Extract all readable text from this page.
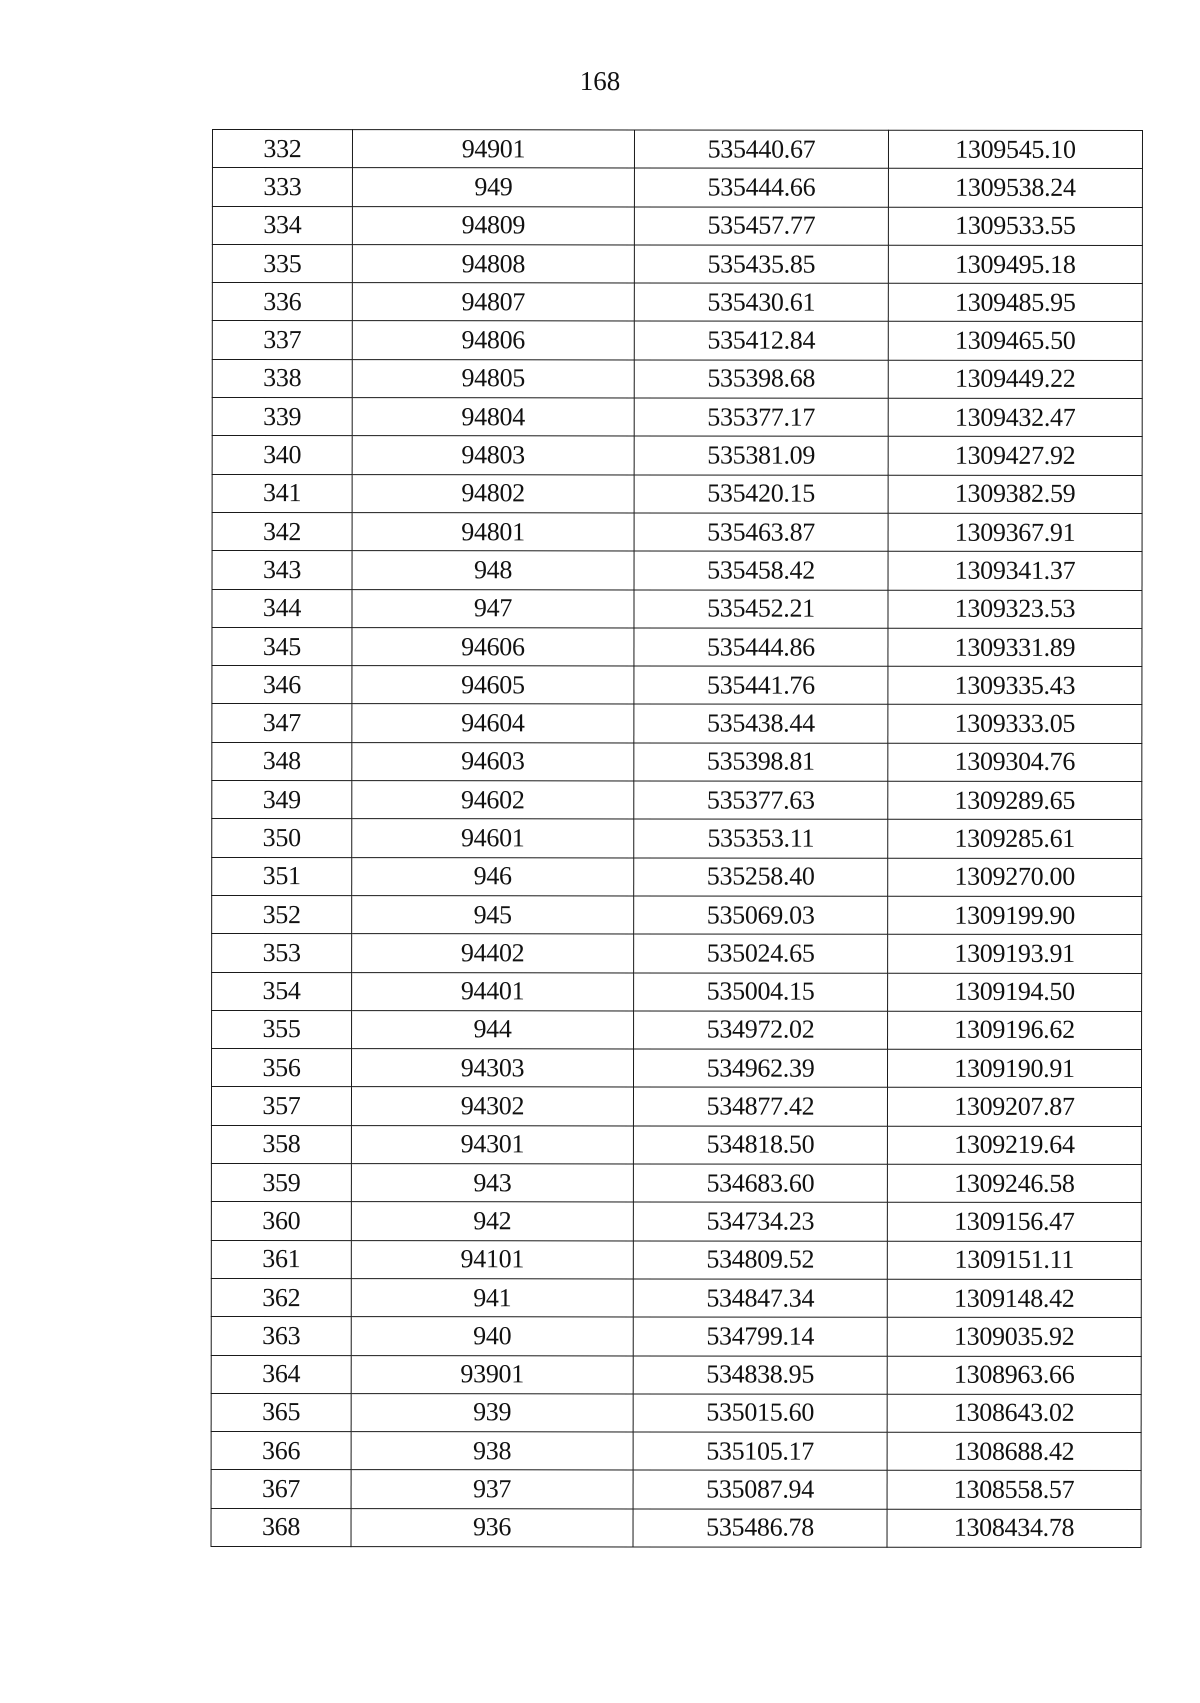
168
332	94901	535440.67	1309545.10
333	949	535444.66	1309538.24
334	94809	535457.77	1309533.55
335	94808	535435.85	1309495.18
336	94807	535430.61	1309485.95
337	94806	535412.84	1309465.50
338	94805	535398.68	1309449.22
339	94804	535377.17	1309432.47
340	94803	535381.09	1309427.92
341	94802	535420.15	1309382.59
342	94801	535463.87	1309367.91
343	948	535458.42	1309341.37
344	947	535452.21	1309323.53
345	94606	535444.86	1309331.89
346	94605	535441.76	1309335.43
347	94604	535438.44	1309333.05
348	94603	535398.81	1309304.76
349	94602	535377.63	1309289.65
350	94601	535353.11	1309285.61
351	946	535258.40	1309270.00
352	945	535069.03	1309199.90
353	94402	535024.65	1309193.91
354	94401	535004.15	1309194.50
355	944	534972.02	1309196.62
356	94303	534962.39	1309190.91
357	94302	534877.42	1309207.87
358	94301	534818.50	1309219.64
359	943	534683.60	1309246.58
360	942	534734.23	1309156.47
361	94101	534809.52	1309151.11
362	941	534847.34	1309148.42
363	940	534799.14	1309035.92
364	93901	534838.95	1308963.66
365	939	535015.60	1308643.02
366	938	535105.17	1308688.42
367	937	535087.94	1308558.57
368	936	535486.78	1308434.78
